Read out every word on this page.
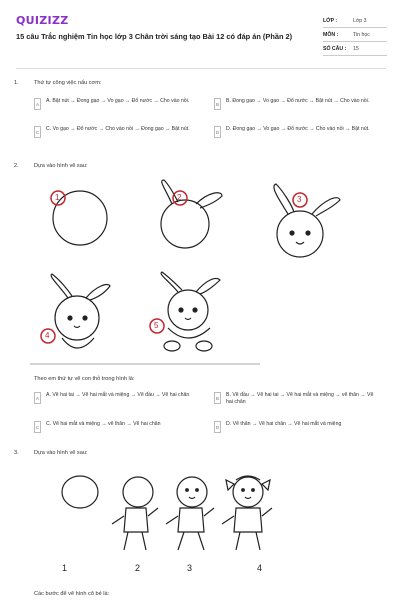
QUIZIZZ
15 câu Trắc nghiệm Tin học lớp 3 Chân trời sáng tạo Bài 12 có đáp án (Phần 2)
LỚP :	Lớp 3
MÔN :	Tin học
SỐ CÂU :	15
1.	Thứ tự công việc nấu cơm:
A	A. Bật nút → Đong gạo → Vo gạo → Đổ nước → Cho vào nồi.	B	B. Đong gạo → Vo gạo → Đổ nước → Bật nút → Cho vào nồi.
C	C. Vo gạo → Đổ nước → Cho vào nồi → Đong gạo → Bật nút.	D	D. Đong gạo → Vo gạo → Đổ nước → Cho vào nồi → Bật nút.
2.	Dựa vào hình vẽ sau:
1	2	3
4
5
Theo em thứ tự vẽ con thỏ trong hình là:
A	A. Vẽ hai tai → Vẽ hai mắt và miệng → Vẽ đầu → Vẽ hai chân	B	B. Vẽ đầu → Vẽ hai tai → Vẽ hai mắt và miệng → vẽ thân → Vẽ hai chân
C	C. Vẽ hai mắt và miệng → vẽ thân → Vẽ hai chân	D	D. Vẽ thân → Vẽ hai chân → Vẽ hai mắt và miệng
3.	Dựa vào hình vẽ sau:
1	2	3	4
Các bước để vẽ hình cô bé là:
